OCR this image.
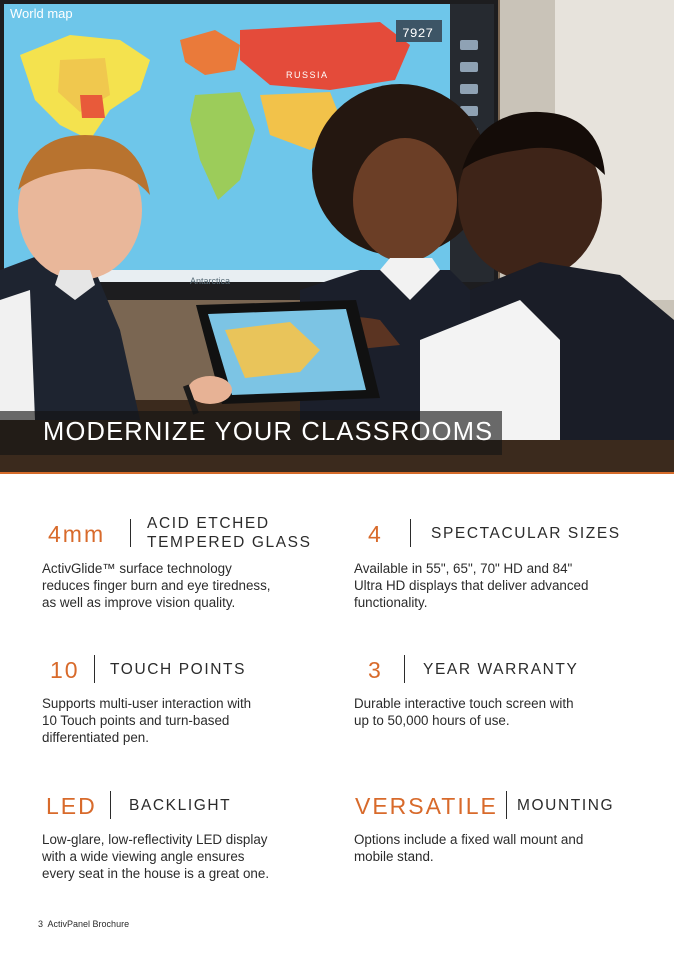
World map
RUSSIA
Antarctica
7927
MODERNIZE YOUR CLASSROOMS
4mm	ACID ETCHED
TEMPERED GLASS
ActivGlide™ surface technology
reduces finger burn and eye tiredness,
as well as improve vision quality.
4	SPECTACULAR SIZES
Available in 55", 65", 70" HD and 84"
Ultra HD displays that deliver advanced
functionality.
10 TOUCH POINTS
Supports multi-user interaction with
10 Touch points and turn-based
differentiated pen.
3	YEAR WARRANTY
Durable interactive touch screen with
up to 50,000 hours of use.
LED BACKLIGHT
Low-glare, low-reflectivity LED display
with a wide viewing angle ensures
every seat in the house is a great one.
VERSATILE MOUNTING
Options include a fixed wall mount and
mobile stand.
3 ActivPanel Brochure
